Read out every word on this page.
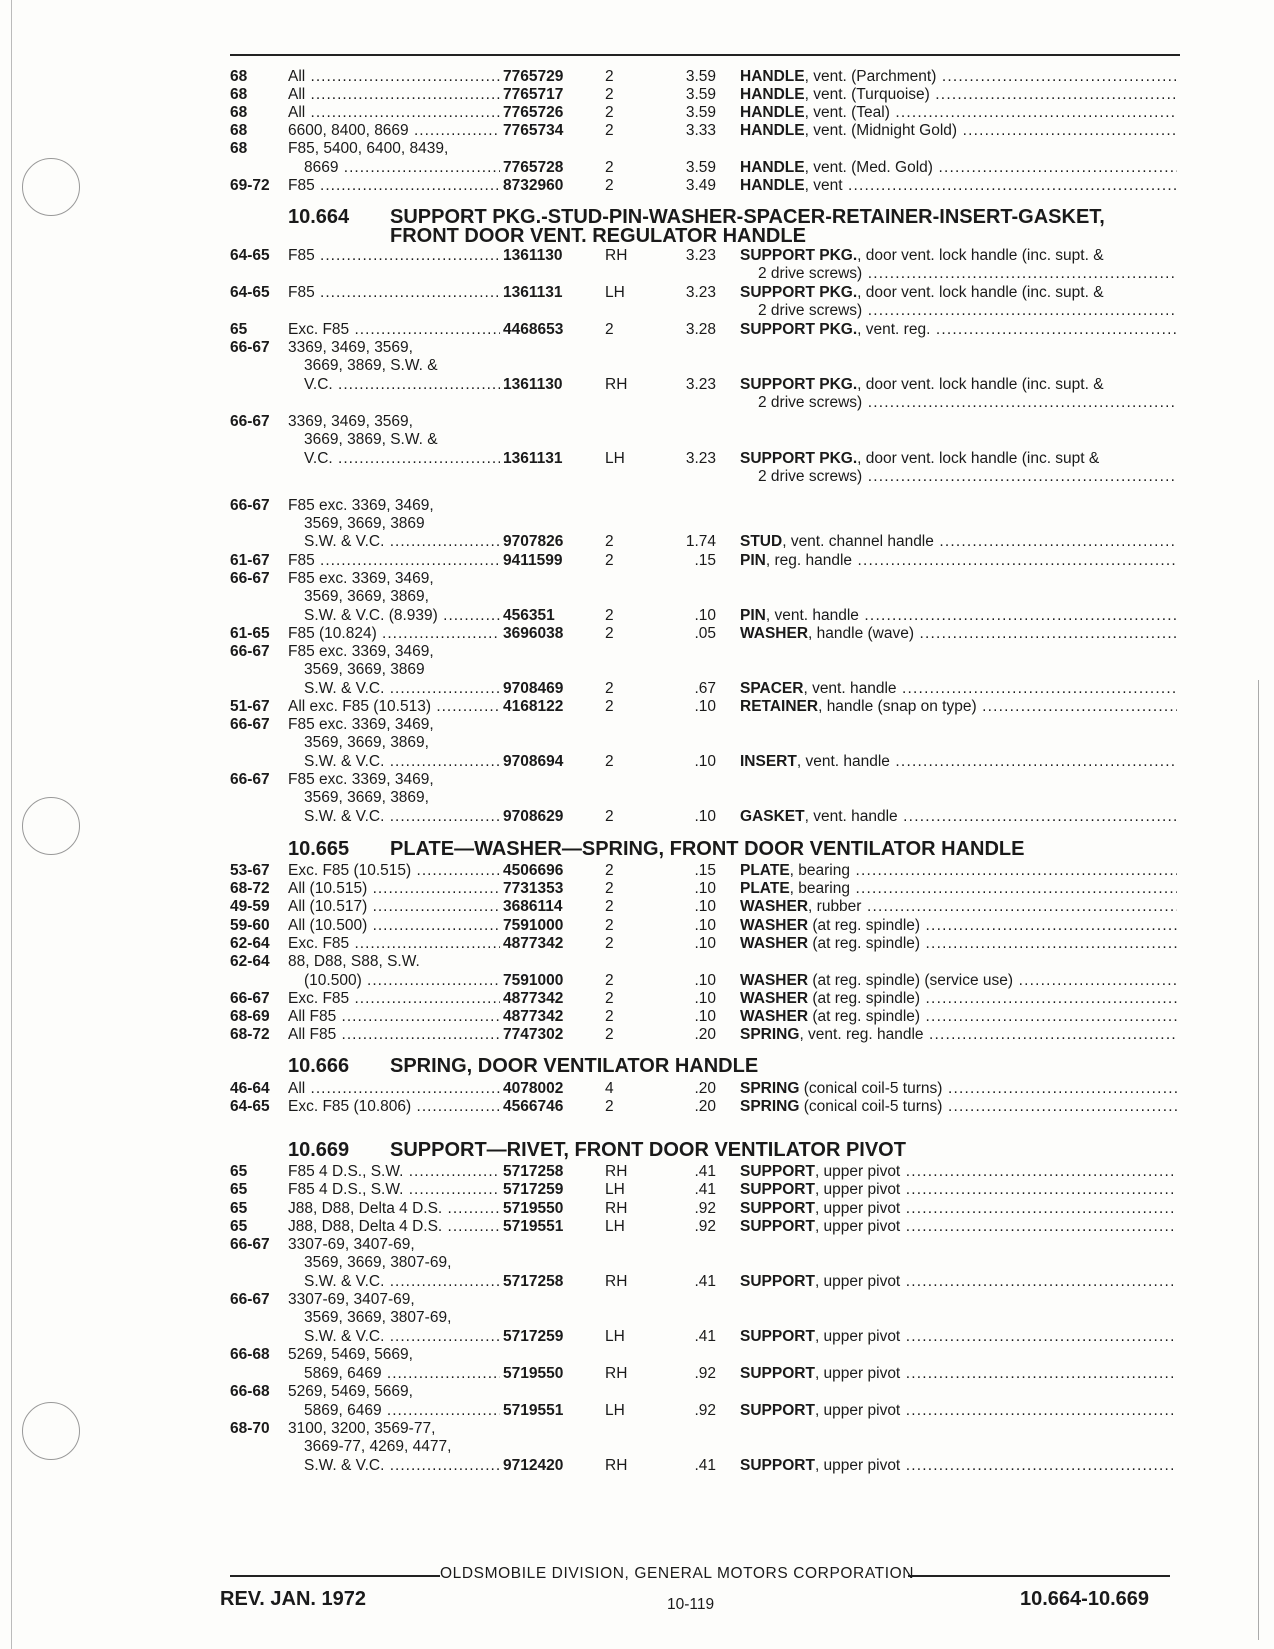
10.664 SUPPORT PKG.-STUD-PIN-WASHER-SPACER-RETAINER-INSERT-GASKET,
FRONT DOOR VENT. REGULATOR HANDLE
10.665 PLATE—WASHER—SPRING, FRONT DOOR VENTILATOR HANDLE
10.666 SPRING, DOOR VENTILATOR HANDLE
10.669 SUPPORT—RIVET, FRONT DOOR VENTILATOR PIVOT
68	All .....	7765729	2	3.59 HANDLE, vent. (Parchment) .....
68	All .....	7765717	2	3.59 HANDLE, vent. (Turquoise) .....
68	All .....	7765726	2	3.59 HANDLE, vent. (Teal) .....
68	6600, 8400, 8669 .....	7765734	2	3.33 HANDLE, vent. (Midnight Gold) .....
68	F85, 5400, 6400, 8439,
8669 .....	7765728	2	3.59 HANDLE, vent. (Med. Gold) .....
69-72 F85 .....	8732960	2	3.49 HANDLE, vent .....
64-65 F85 .....	1361130	RH	3.23 SUPPORT PKG., door vent. lock handle (inc. supt. &
2 drive screws) .....
64-65 F85 .....	1361131	LH	3.23 SUPPORT PKG., door vent. lock handle (inc. supt. &
2 drive screws) .....
65	Exc. F85 .....	4468653	2	3.28 SUPPORT PKG., vent. reg. .....
66-67 3369, 3469, 3569,
3669, 3869, S.W. &
V.C. .....	1361130	RH	3.23 SUPPORT PKG., door vent. lock handle (inc. supt. &
2 drive screws) .....
66-67 3369, 3469, 3569,
3669, 3869, S.W. &
V.C. .....	1361131	LH	3.23 SUPPORT PKG., door vent. lock handle (inc. supt &
2 drive screws) .....
66-67 F85 exc. 3369, 3469,
3569, 3669, 3869
S.W. & V.C. .....	9707826	2	1.74 STUD, vent. channel handle .....
61-67 F85 .....	9411599	2	.15 PIN, reg. handle .....
66-67 F85 exc. 3369, 3469,
3569, 3669, 3869,
S.W. & V.C. (8.939) .....	456351	2	.10 PIN, vent. handle .....
61-65 F85 (10.824) .....	3696038	2	.05 WASHER, handle (wave) .....
66-67 F85 exc. 3369, 3469,
3569, 3669, 3869
S.W. & V.C. .....	9708469	2	.67 SPACER, vent. handle .....
51-67 All exc. F85 (10.513) .....	4168122	2	.10 RETAINER, handle (snap on type) .....
66-67 F85 exc. 3369, 3469,
3569, 3669, 3869,
S.W. & V.C. .....	9708694	2	.10 INSERT, vent. handle .....
66-67 F85 exc. 3369, 3469,
3569, 3669, 3869,
S.W. & V.C. .....	9708629	2	.10 GASKET, vent. handle .....
53-67 Exc. F85 (10.515) .....	4506696	2	.15 PLATE, bearing .....
68-72 All (10.515) .....	7731353	2	.10 PLATE, bearing .....
49-59 All (10.517) .....	3686114	2	.10 WASHER, rubber .....
59-60 All (10.500) .....	7591000	2	.10 WASHER (at reg. spindle) .....
62-64 Exc. F85 .....	4877342	2	.10 WASHER (at reg. spindle) .....
62-64 88, D88, S88, S.W.
(10.500) .....	7591000	2	.10 WASHER (at reg. spindle) (service use) .....
66-67 Exc. F85 .....	4877342	2	.10 WASHER (at reg. spindle) .....
68-69 All F85 .....	4877342	2	.10 WASHER (at reg. spindle) .....
68-72 All F85 .....	7747302	2	.20 SPRING, vent. reg. handle .....
46-64 All .....	4078002	4	.20 SPRING (conical coil-5 turns) .....
64-65 Exc. F85 (10.806) .....	4566746	2	.20 SPRING (conical coil-5 turns) .....
65	F85 4 D.S., S.W. .....	5717258	RH	.41 SUPPORT, upper pivot .....
65	F85 4 D.S., S.W. .....	5717259	LH	.41 SUPPORT, upper pivot .....
65	J88, D88, Delta 4 D.S. .....	5719550	RH	.92 SUPPORT, upper pivot .....
65	J88, D88, Delta 4 D.S. .....	5719551	LH	.92 SUPPORT, upper pivot .....
66-67 3307-69, 3407-69,
3569, 3669, 3807-69,
S.W. & V.C. .....	5717258	RH	.41 SUPPORT, upper pivot .....
66-67 3307-69, 3407-69,
3569, 3669, 3807-69,
S.W. & V.C. .....	5717259	LH	.41 SUPPORT, upper pivot .....
66-68 5269, 5469, 5669,
5869, 6469 .....	5719550	RH	.92 SUPPORT, upper pivot .....
66-68 5269, 5469, 5669,
5869, 6469 .....	5719551	LH	.92 SUPPORT, upper pivot .....
68-70 3100, 3200, 3569-77,
3669-77, 4269, 4477,
S.W. & V.C. .....	9712420	RH	.41 SUPPORT, upper pivot .....
OLDSMOBILE DIVISION, GENERAL MOTORS CORPORATION
REV. JAN. 1972	10-119	10.664-10.669
